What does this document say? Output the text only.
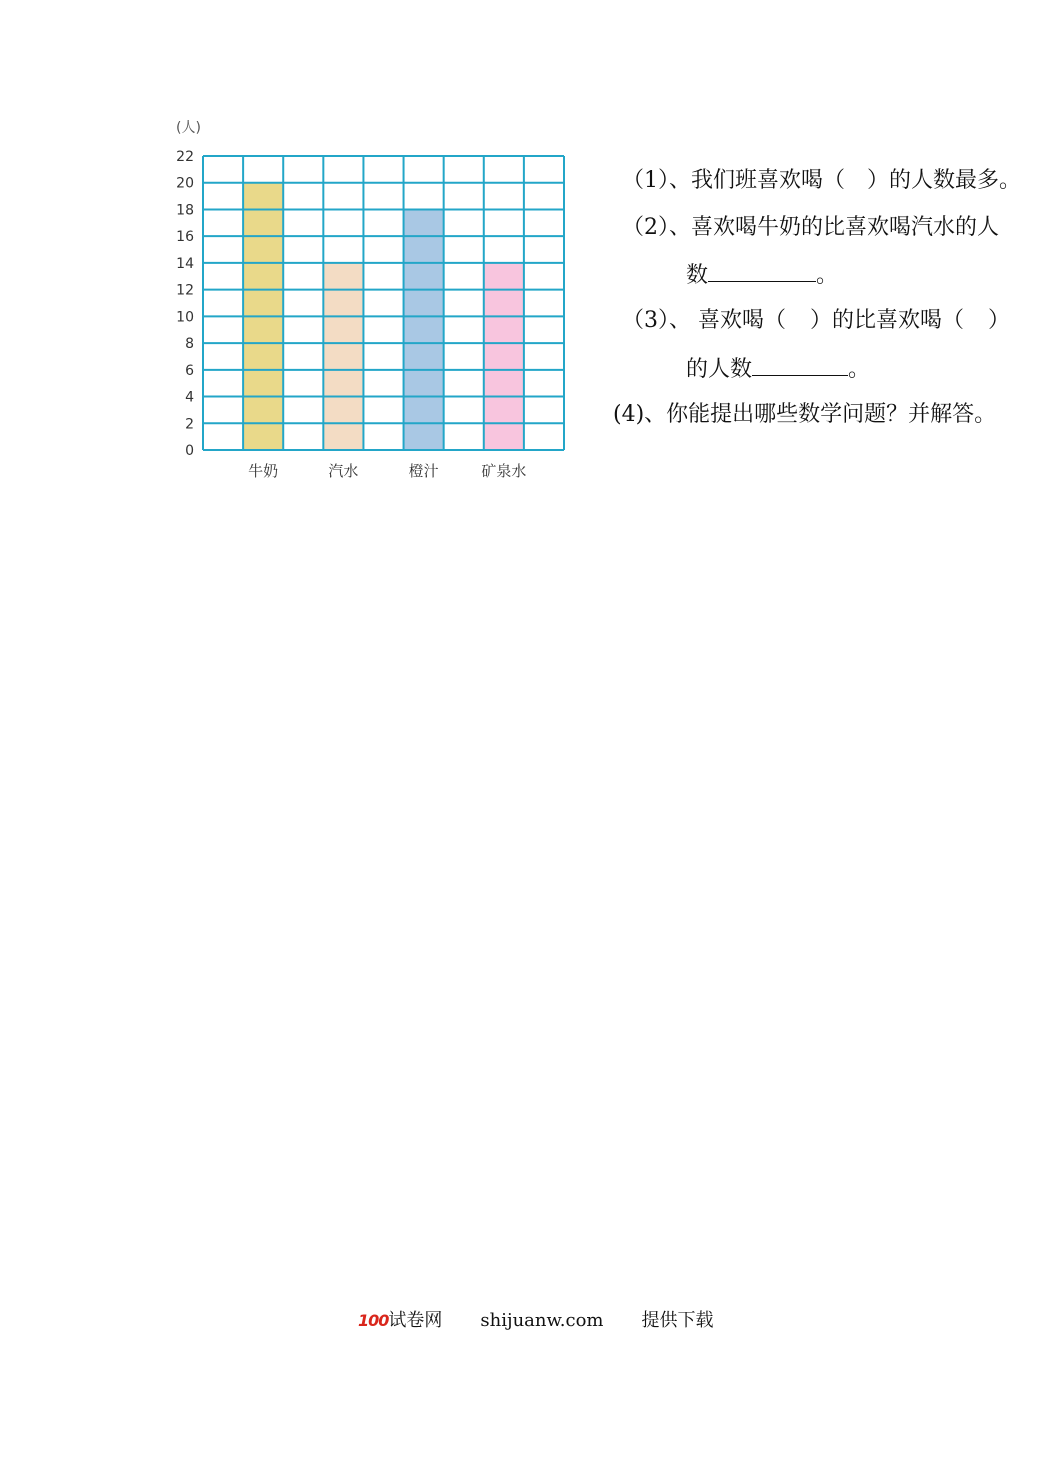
0
2
4
6
8
10
12
14
16
18
20
22
(人)
牛奶	汽水	橙汁	矿泉水
（1）、我们班喜欢喝（ ）的人数最多。
（2）、喜欢喝牛奶的比喜欢喝汽水的人
数	。
（3）、 喜欢喝（ ）的比喜欢喝（ ）
的人数	。
(4)、你能提出哪些数学问题？并解答。
100试卷网 shijuanw.com 提供下载
